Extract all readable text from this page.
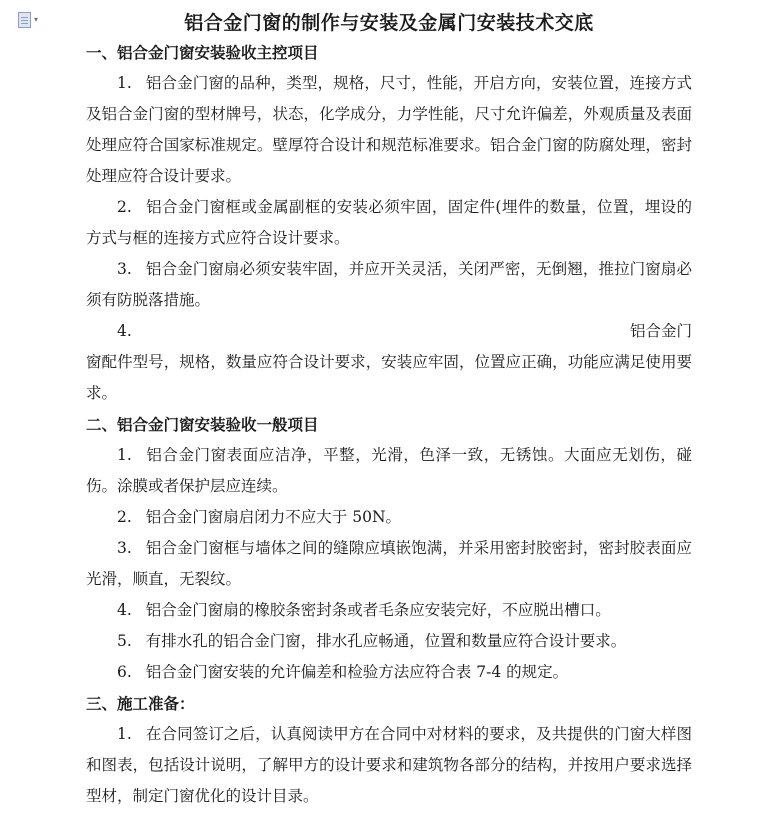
▾	铝合金门窗的制作与安装及金属门安装技术交底
一、铝合金门窗安装验收主控项目
1. 铝合金门窗的品种，类型，规格，尺寸，性能，开启方向，安装位置，连接方式及铝合金门窗的型材牌号，状态，化学成分，力学性能，尺寸允许偏差，外观质量及表面处理应符合国家标准规定。壁厚符合设计和规范标准要求。铝合金门窗的防腐处理，密封处理应符合设计要求。
2. 铝合金门窗框或金属副框的安装必须牢固，固定件(埋件的数量，位置，埋设的方式与框的连接方式应符合设计要求。
3. 铝合金门窗扇必须安装牢固，并应开关灵活，关闭严密，无倒翘，推拉门窗扇必须有防脱落措施。
4.	铝合金门
窗配件型号，规格，数量应符合设计要求，安装应牢固，位置应正确，功能应满足使用要求。
二、铝合金门窗安装验收一般项目
1. 铝合金门窗表面应洁净，平整，光滑，色泽一致，无锈蚀。大面应无划伤，碰伤。涂膜或者保护层应连续。
2. 铝合金门窗扇启闭力不应大于 50N。
3. 铝合金门窗框与墙体之间的缝隙应填嵌饱满，并采用密封胶密封，密封胶表面应光滑，顺直，无裂纹。
4. 铝合金门窗扇的橡胶条密封条或者毛条应安装完好，不应脱出槽口。
5. 有排水孔的铝合金门窗，排水孔应畅通，位置和数量应符合设计要求。
6. 铝合金门窗安装的允许偏差和检验方法应符合表 7-4 的规定。
三、施工准备：
1. 在合同签订之后，认真阅读甲方在合同中对材料的要求，及共提供的门窗大样图和图表，包括设计说明，了解甲方的设计要求和建筑物各部分的结构，并按用户要求选择型材，制定门窗优化的设计目录。
